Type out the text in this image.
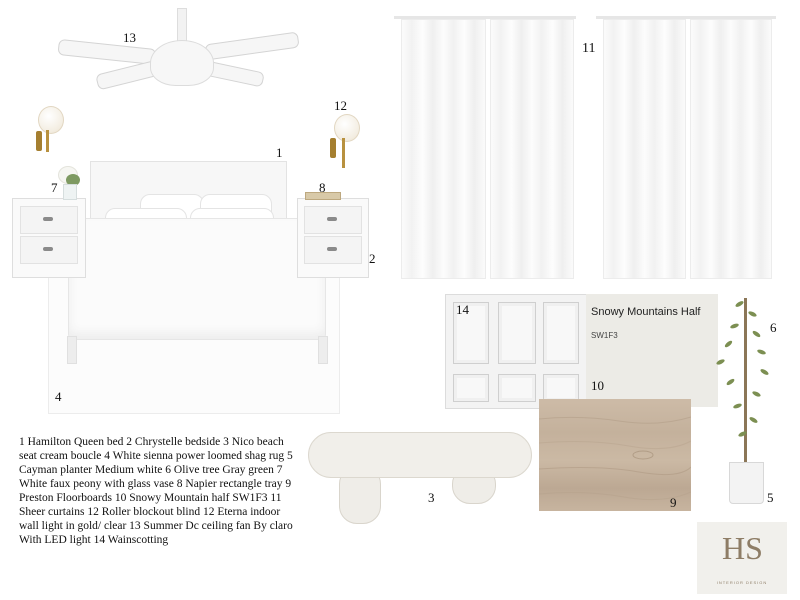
13
12
4
1
7	8
2
11
14	Snowy Mountains Half
SW1F3
10
9
6
5
3
1 Hamilton Queen bed 2 Chrystelle bedside 3 Nico beach seat cream boucle 4 White sienna power loomed shag rug 5 Cayman planter Medium white 6 Olive tree Gray green 7 White faux peony with glass vase 8 Napier rectangle tray 9 Preston Floorboards 10 Snowy Mountain half SW1F3 11 Sheer curtains 12 Roller blockout blind 12 Eterna indoor wall light in gold/ clear 13 Summer Dc ceiling fan By claro With LED light 14 Wainscotting	HS
INTERIOR DESIGN
